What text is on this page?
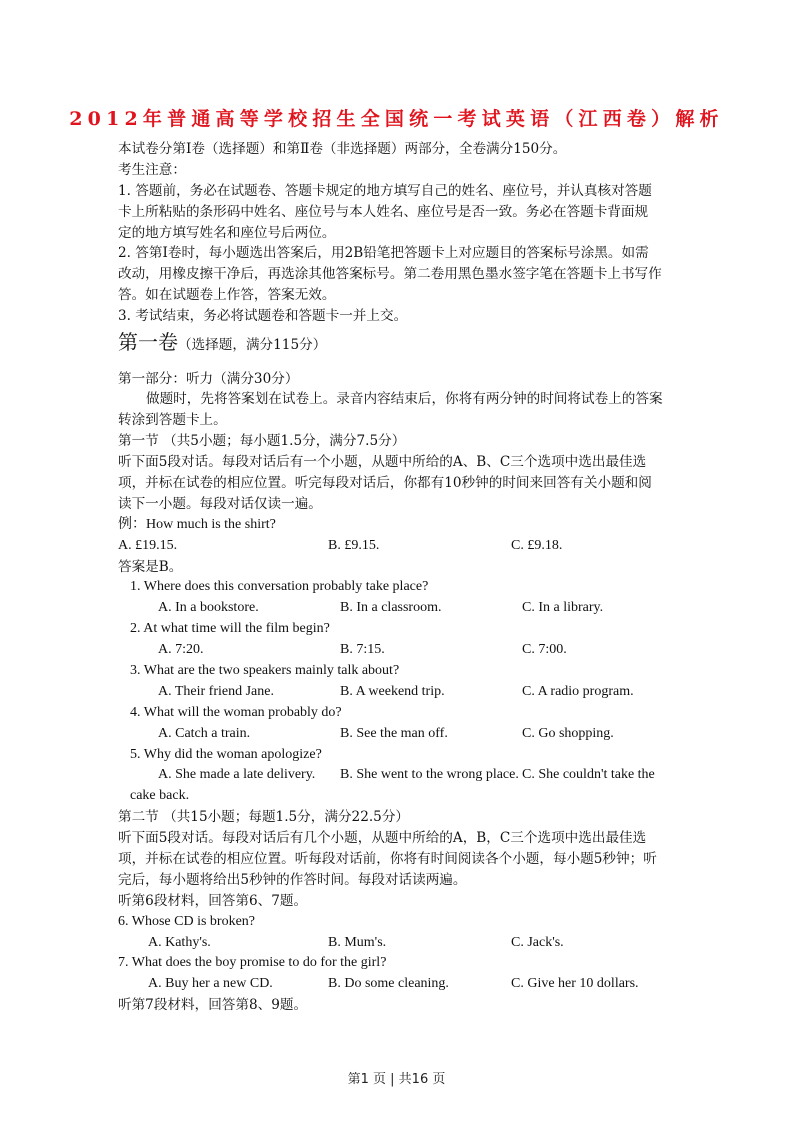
2012年普通高等学校招生全国统一考试英语（江西卷）解析
本试卷分第Ⅰ卷（选择题）和第Ⅱ卷（非选择题）两部分，全卷满分150分。
考生注意：
1. 答题前，务必在试题卷、答题卡规定的地方填写自己的姓名、座位号，并认真核对答题
卡上所粘贴的条形码中姓名、座位号与本人姓名、座位号是否一致。务必在答题卡背面规
定的地方填写姓名和座位号后两位。
2. 答第Ⅰ卷时，每小题选出答案后，用2B铅笔把答题卡上对应题目的答案标号涂黑。如需
改动，用橡皮擦干净后，再选涂其他答案标号。第二卷用黑色墨水签字笔在答题卡上书写作
答。如在试题卷上作答，答案无效。
3. 考试结束，务必将试题卷和答题卡一并上交。
第一卷（选择题，满分115分）
第一部分：听力（满分30分）
做题时，先将答案划在试卷上。录音内容结束后，你将有两分钟的时间将试卷上的答案
转涂到答题卡上。
第一节 （共5小题；每小题1.5分，满分7.5分）
听下面5段对话。每段对话后有一个小题，从题中所给的A、B、C三个选项中选出最佳选
项，并标在试卷的相应位置。听完每段对话后，你都有10秒钟的时间来回答有关小题和阅
读下一小题。每段对话仅读一遍。
例：How much is the shirt?
A. £19.15.	B. £9.15.	C. £9.18.
答案是B。
1. Where does this conversation probably take place?
A. In a bookstore.	B. In a classroom.	C. In a library.
2. At what time will the film begin?
A. 7:20.	B. 7:15.	C. 7:00.
3. What are the two speakers mainly talk about?
A. Their friend Jane.	B. A weekend trip.	C. A radio program.
4. What will the woman probably do?
A. Catch a train.	B. See the man off.	C. Go shopping.
5. Why did the woman apologize?
A. She made a late delivery. B. She went to the wrong place. C. She couldn't take the
cake back.
第二节 （共15小题；每题1.5分，满分22.5分）
听下面5段对话。每段对话后有几个小题，从题中所给的A，B，C三个选项中选出最佳选
项，并标在试卷的相应位置。听每段对话前，你将有时间阅读各个小题，每小题5秒钟；听
完后，每小题将给出5秒钟的作答时间。每段对话读两遍。
听第6段材料，回答第6、7题。
6. Whose CD is broken?
A. Kathy's.	B. Mum's.	C. Jack's.
7. What does the boy promise to do for the girl?
A. Buy her a new CD.	B. Do some cleaning.	C. Give her 10 dollars.
听第7段材料，回答第8、9题。
第1 页 | 共16 页
